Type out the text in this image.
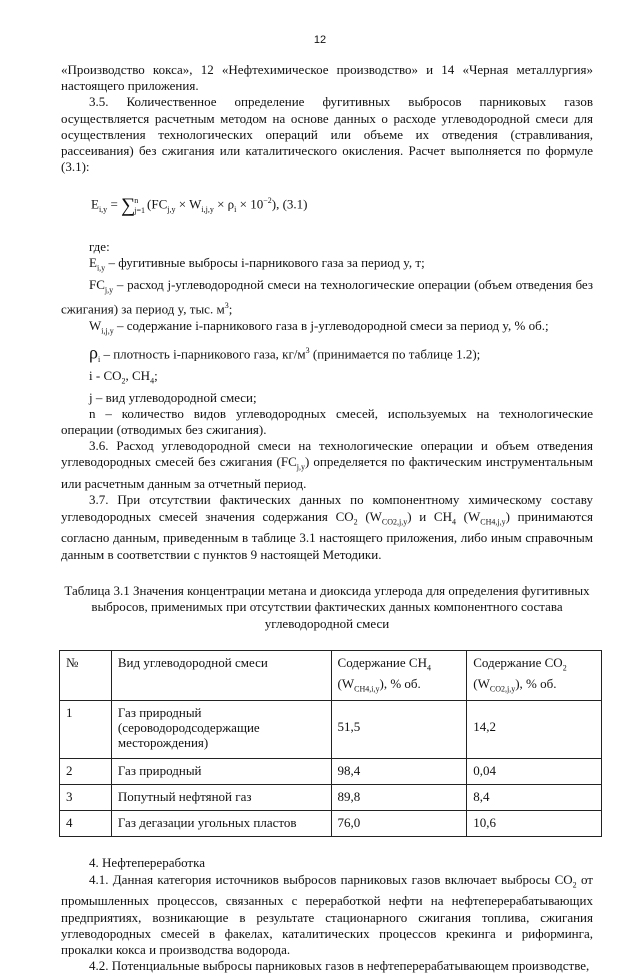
12

«Производство кокса», 12 «Нефтехимическое производство» и 14 «Черная металлургия» настоящего приложения.

3.5. Количественное определение фугитивных выбросов парниковых газов осуществляется расчетным методом на основе данных о расходе углеводородной смеси для осуществления технологических операций или объеме их отведения (стравливания, рассеивания) без сжигания или каталитического окисления. Расчет выполняется по формуле (3.1):

$E_{i,y} = \sum n$
j=1 $(FC_{j,y} \times W_{i,j,y} \times \rho_i \times 10^{-2})$, (3.1)

где:

$E_{i,y}$ – фугитивные выбросы i-парникового газа за период y, т;

$FC_{j,y}$ – расход j-углеводородной смеси на технологические операции (объем отведения без сжигания) за период y, тыс. $м^3$;

$W_{i,j,y}$ – содержание i-парникового газа в j-углеводородной смеси за период y, % об.;

$\rho_i$ – плотность i-парникового газа, $кг/м^3$ (принимается по таблице 1.2);

i - $CO_2$, $CH_4$;

j – вид углеводородной смеси;

n – количество видов углеводородных смесей, используемых на технологические операции (отводимых без сжигания).

3.6. Расход углеводородной смеси на технологические операции и объем отведения углеводородных смесей без сжигания $(FC_{j,y})$ определяется по фактическим инструментальным или расчетным данным за отчетный период.

3.7. При отсутствии фактических данных по компонентному химическому составу углеводородных смесей значения содержания $CO_2$ $(W_{CO2,j,y})$ и $CH_4$ $(W_{CH4,j,y})$ принимаются согласно данным, приведенным в таблице 3.1 настоящего приложения, либо иным справочным данным в соответствии с пунктов 9 настоящей Методики.

Таблица 3.1 Значения концентрации метана и диоксида углерода для определения фугитивных
выбросов, применимых при отсутствии фактических данных компонентного состава
углеводородной смеси
№	Вид углеводородной смеси	Содержание $CH_4$
$(W_{CH4,i,y})$, % об.	Содержание $CO_2$
$(W_{CO2,j,y})$, % об.
1	Газ природный (сероводородсодержащие месторождения)	51,5	14,2
2	Газ природный	98,4	0,04
3	Попутный нефтяной газ	89,8	8,4
4	Газ дегазации угольных пластов	76,0	10,6

4. Нефтепереработка

4.1. Данная категория источников выбросов парниковых газов включает выбросы $CO_2$ от промышленных процессов, связанных с переработкой нефти на нефтеперерабатывающих предприятиях, возникающие в результате стационарного сжигания топлива, сжигания углеводородных смесей в факелах, каталитических процессов крекинга и риформинга, прокалки кокса и производства водорода.

4.2. Потенциальные выбросы парниковых газов в нефтеперерабатывающем производстве,
